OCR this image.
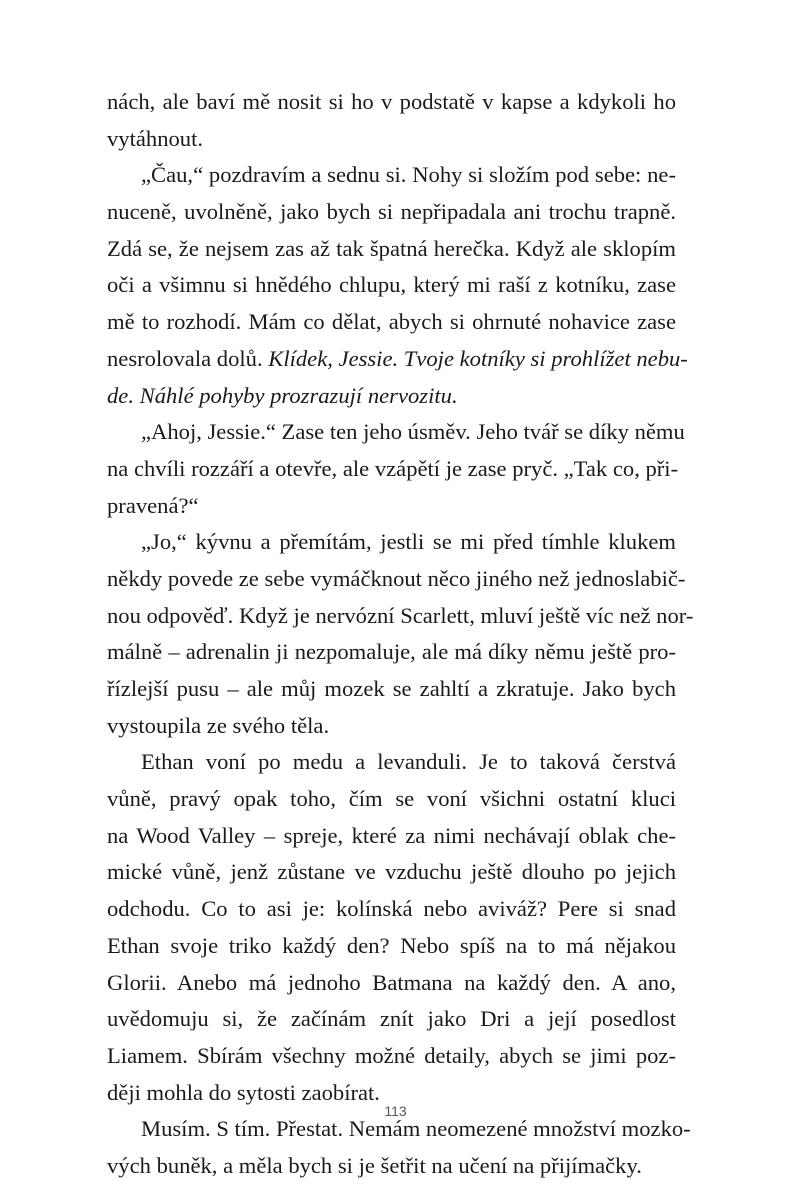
nách, ale baví mě nosit si ho v podstatě v kapse a kdykoli ho
vytáhnout.
„Čau,“ pozdravím a sednu si. Nohy si složím pod sebe: ne-
nuceně, uvolněně, jako bych si nepřipadala ani trochu trapně.
Zdá se, že nejsem zas až tak špatná herečka. Když ale sklopím
oči a všimnu si hnědého chlupu, který mi raší z kotníku, zase
mě to rozhodí. Mám co dělat, abych si ohrnuté nohavice zase
nesrolovala dolů. Klídek, Jessie. Tvoje kotníky si prohlížet nebu-
de. Náhlé pohyby prozrazují nervozitu.
„Ahoj, Jessie.“ Zase ten jeho úsměv. Jeho tvář se díky němu
na chvíli rozzáří a otevře, ale vzápětí je zase pryč. „Tak co, při-
pravená?“
„Jo,“ kývnu a přemítám, jestli se mi před tímhle klukem
někdy povede ze sebe vymáčknout něco jiného než jednoslabič-
nou odpověď. Když je nervózní Scarlett, mluví ještě víc než nor-
málně – adrenalin ji nezpomaluje, ale má díky němu ještě pro-
řízlejší pusu – ale můj mozek se zahltí a zkratuje. Jako bych
vystoupila ze svého těla.
Ethan voní po medu a levanduli. Je to taková čerstvá
vůně, pravý opak toho, čím se voní všichni ostatní kluci
na Wood Valley – spreje, které za nimi nechávají oblak che-
mické vůně, jenž zůstane ve vzduchu ještě dlouho po jejich
odchodu. Co to asi je: kolínská nebo aviváž? Pere si snad
Ethan svoje triko každý den? Nebo spíš na to má nějakou
Glorii. Anebo má jednoho Batmana na každý den. A ano,
uvědomuju si, že začínám znít jako Dri a její posedlost
Liamem. Sbírám všechny možné detaily, abych se jimi poz-
ději mohla do sytosti zaobírat.
Musím. S tím. Přestat. Nemám neomezené množství mozko-
vých buněk, a měla bych si je šetřit na učení na přijímačky.
113
